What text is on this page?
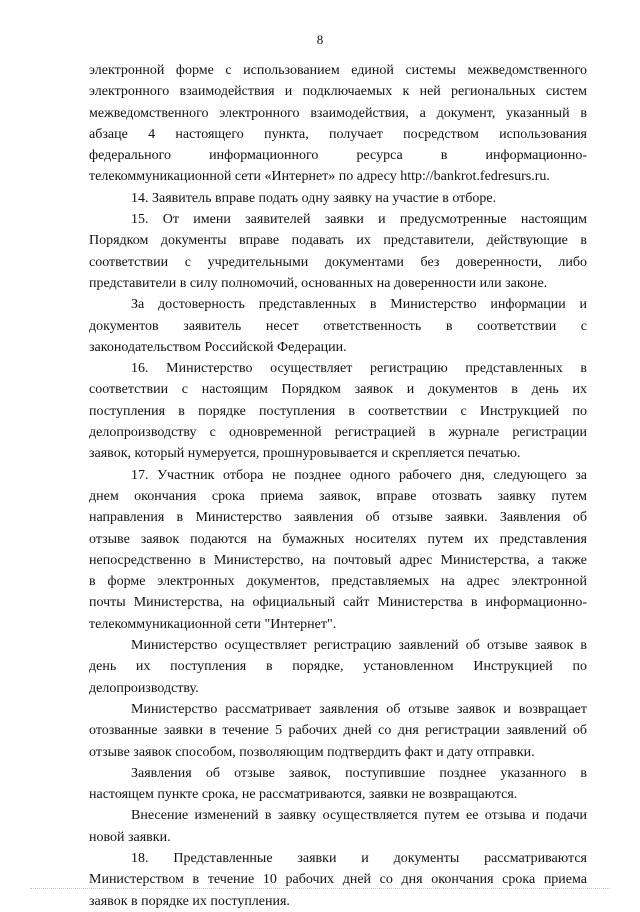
8
электронной форме с использованием единой системы межведомственного
электронного взаимодействия и подключаемых к ней региональных систем
межведомственного электронного взаимодействия, а документ, указанный в
абзаце 4 настоящего пункта, получает посредством использования
федерального информационного ресурса в информационно-
телекоммуникационной сети «Интернет» по адресу http://bankrot.fedresurs.ru.
14. Заявитель вправе подать одну заявку на участие в отборе.
15. От имени заявителей заявки и предусмотренные настоящим
Порядком документы вправе подавать их представители, действующие в
соответствии с учредительными документами без доверенности, либо
представители в силу полномочий, основанных на доверенности или законе.
За достоверность представленных в Министерство информации и
документов заявитель несет ответственность в соответствии с
законодательством Российской Федерации.
16. Министерство осуществляет регистрацию представленных в
соответствии с настоящим Порядком заявок и документов в день их
поступления в порядке поступления в соответствии с Инструкцией по
делопроизводству с одновременной регистрацией в журнале регистрации
заявок, который нумеруется, прошнуровывается и скрепляется печатью.
17. Участник отбора не позднее одного рабочего дня, следующего за
днем окончания срока приема заявок, вправе отозвать заявку путем
направления в Министерство заявления об отзыве заявки. Заявления об
отзыве заявок подаются на бумажных носителях путем их представления
непосредственно в Министерство, на почтовый адрес Министерства, а также
в форме электронных документов, представляемых на адрес электронной
почты Министерства, на официальный сайт Министерства в информационно-
телекоммуникационной сети "Интернет".
Министерство осуществляет регистрацию заявлений об отзыве заявок в
день их поступления в порядке, установленном Инструкцией по
делопроизводству.
Министерство рассматривает заявления об отзыве заявок и возвращает
отозванные заявки в течение 5 рабочих дней со дня регистрации заявлений об
отзыве заявок способом, позволяющим подтвердить факт и дату отправки.
Заявления об отзыве заявок, поступившие позднее указанного в
настоящем пункте срока, не рассматриваются, заявки не возвращаются.
Внесение изменений в заявку осуществляется путем ее отзыва и подачи
новой заявки.
18. Представленные заявки и документы рассматриваются
Министерством в течение 10 рабочих дней со дня окончания срока приема
заявок в порядке их поступления.
